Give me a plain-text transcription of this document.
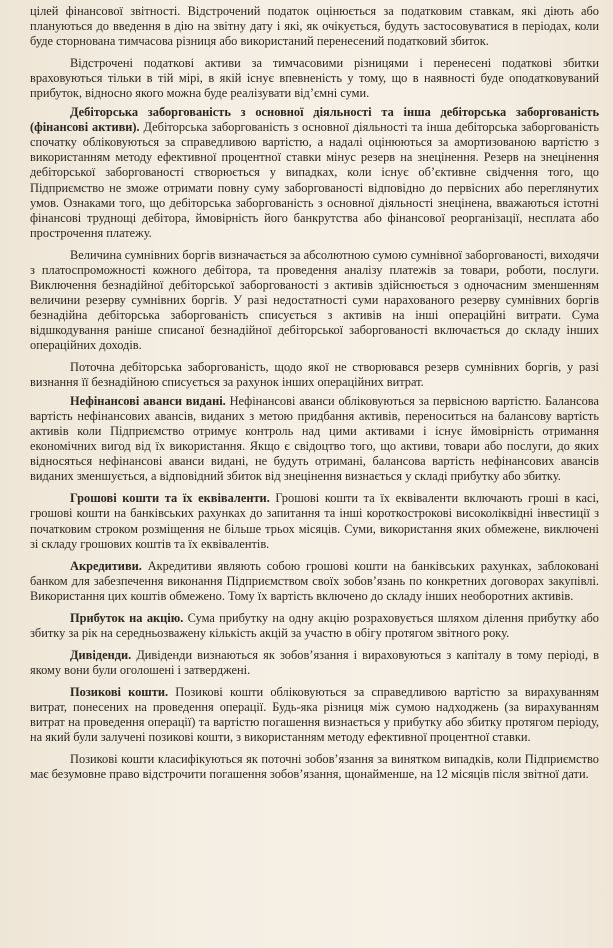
цілей фінансової звітності. Відстрочений податок оцінюється за податковим ставкам, які діють або плануються до введення в дію на звітну дату і які, як очікується, будуть застосовуватися в періодах, коли буде сторнована тимчасова різниця або використаний перенесений податковий збиток.

Відстрочені податкові активи за тимчасовими різницями і перенесені податкові збитки враховуються тільки в тій мірі, в якій існує впевненість у тому, що в наявності буде оподатковуваний прибуток, відносно якого можна буде реалізувати від’ємні суми.

Дебіторська заборгованість з основної діяльності та інша дебіторська заборгованість (фінансові активи). Дебіторська заборгованість з основної діяльності та інша дебіторська заборгованість спочатку обліковуються за справедливою вартістю, а надалі оцінюються за амортизованою вартістю з використанням методу ефективної процентної ставки мінус резерв на знецінення. Резерв на знецінення дебіторської заборгованості створюється у випадках, коли існує об’єктивне свідчення того, що Підприємство не зможе отримати повну суму заборгованості відповідно до первісних або переглянутих умов. Ознаками того, що дебіторська заборгованість з основної діяльності знецінена, вважаються істотні фінансові труднощі дебітора, ймовірність його банкрутства або фінансової реорганізації, несплата або прострочення платежу.

Величина сумнівних боргів визначається за абсолютною сумою сумнівної заборгованості, виходячи з платоспроможності кожного дебітора, та проведення аналізу платежів за товари, роботи, послуги. Виключення безнадійної дебіторської заборгованості з активів здійснюється з одночасним зменшенням величини резерву сумнівних боргів. У разі недостатності суми нарахованого резерву сумнівних боргів безнадійна дебіторська заборгованість списується з активів на інші операційні витрати. Сума відшкодування раніше списаної безнадійної дебіторської заборгованості включається до складу інших операційних доходів.

Поточна дебіторська заборгованість, щодо якої не створювався резерв сумнівних боргів, у разі визнання її безнадійною списується за рахунок інших операційних витрат.

Нефінансові аванси видані. Нефінансові аванси обліковуються за первісною вартістю. Балансова вартість нефінансових авансів, виданих з метою придбання активів, переноситься на балансову вартість активів коли Підприємство отримує контроль над цими активами і існує ймовірність отримання економічних вигод від їх використання. Якщо є свідоцтво того, що активи, товари або послуги, до яких відносяться нефінансові аванси видані, не будуть отримані, балансова вартість нефінансових авансів виданих зменшується, а відповідний збиток від знецінення визнається у складі прибутку або збитку.

Грошові кошти та їх еквіваленти. Грошові кошти та їх еквіваленти включають гроші в касі, грошові кошти на банківських рахунках до запитання та інші короткострокові високоліквідні інвестиції з початковим строком розміщення не більше трьох місяців. Суми, використання яких обмежене, виключені зі складу грошових коштів та їх еквівалентів.

Акредитиви. Акредитиви являють собою грошові кошти на банківських рахунках, заблоковані банком для забезпечення виконання Підприємством своїх зобов’язань по конкретних договорах закупівлі. Використання цих коштів обмежено. Тому їх вартість включено до складу інших необоротних активів.

Прибуток на акцію. Сума прибутку на одну акцію розраховується шляхом ділення прибутку або збитку за рік на середньозважену кількість акцій за участю в обігу протягом звітного року.

Дивіденди. Дивіденди визнаються як зобов’язання і вираховуються з капіталу в тому періоді, в якому вони були оголошені і затверджені.

Позикові кошти. Позикові кошти обліковуються за справедливою вартістю за вирахуванням витрат, понесених на проведення операції. Будь-яка різниця між сумою надходжень (за вирахуванням витрат на проведення операції) та вартістю погашення визнається у прибутку або збитку протягом періоду, на який були залучені позикові кошти, з використанням методу ефективної процентної ставки.

Позикові кошти класифікуються як поточні зобов’язання за винятком випадків, коли Підприємство має безумовне право відстрочити погашення зобов’язання, щонайменше, на 12 місяців після звітної дати.
